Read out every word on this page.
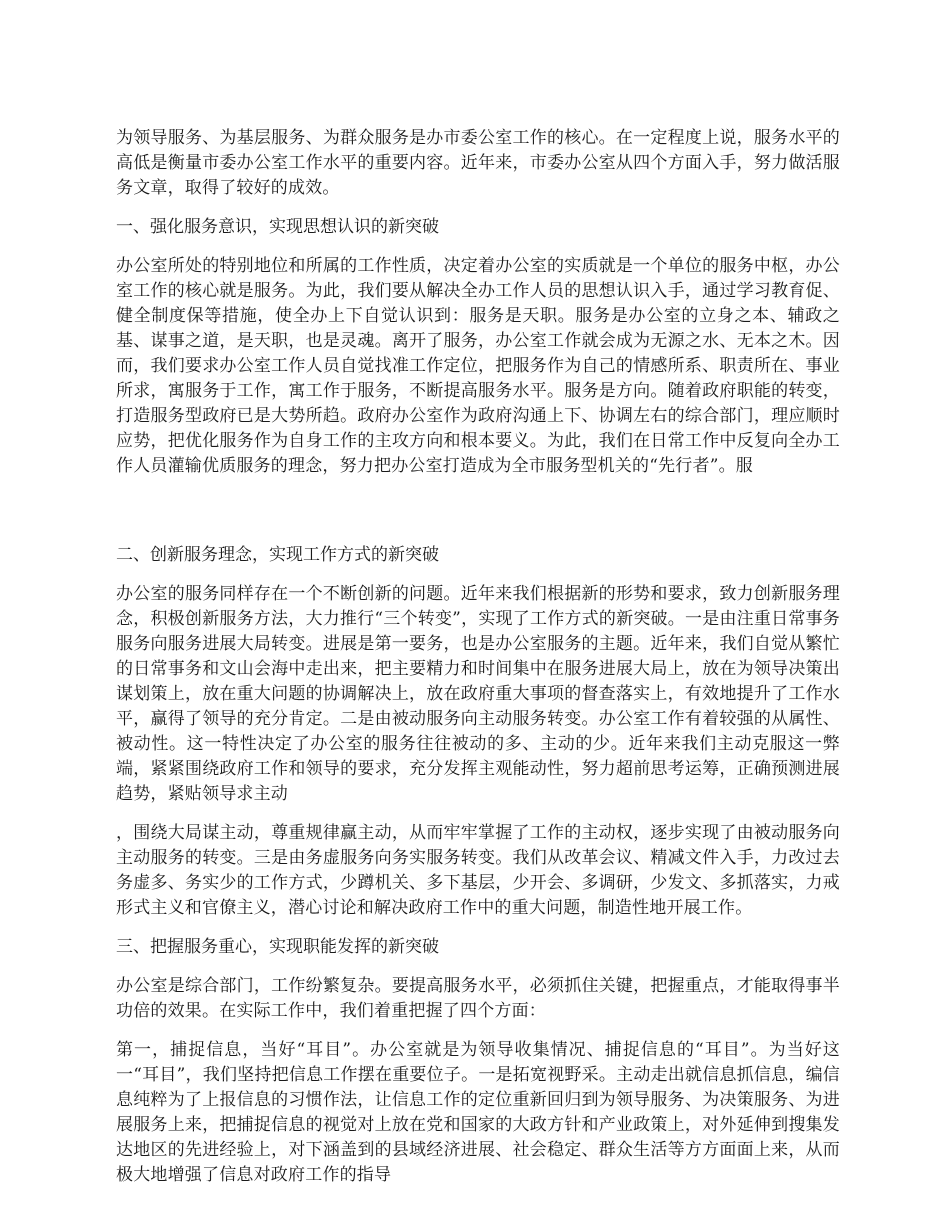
为领导服务、为基层服务、为群众服务是办市委公室工作的核心。在一定程度上说，服务水平的高低是衡量市委办公室工作水平的重要内容。近年来，市委办公室从四个方面入手，努力做活服务文章，取得了较好的成效。

一、强化服务意识，实现思想认识的新突破

办公室所处的特别地位和所属的工作性质，决定着办公室的实质就是一个单位的服务中枢，办公室工作的核心就是服务。为此，我们要从解决全办工作人员的思想认识入手，通过学习教育促、健全制度保等措施，使全办上下自觉认识到：服务是天职。服务是办公室的立身之本、辅政之基、谋事之道，是天职，也是灵魂。离开了服务，办公室工作就会成为无源之水、无本之木。因而，我们要求办公室工作人员自觉找准工作定位，把服务作为自己的情感所系、职责所在、事业所求，寓服务于工作，寓工作于服务，不断提高服务水平。服务是方向。随着政府职能的转变，打造服务型政府已是大势所趋。政府办公室作为政府沟通上下、协调左右的综合部门，理应顺时应势，把优化服务作为自身工作的主攻方向和根本要义。为此，我们在日常工作中反复向全办工作人员灌输优质服务的理念，努力把办公室打造成为全市服务型机关的“先行者”。服

二、创新服务理念，实现工作方式的新突破

办公室的服务同样存在一个不断创新的问题。近年来我们根据新的形势和要求，致力创新服务理念，积极创新服务方法，大力推行“三个转变”，实现了工作方式的新突破。一是由注重日常事务服务向服务进展大局转变。进展是第一要务，也是办公室服务的主题。近年来，我们自觉从繁忙的日常事务和文山会海中走出来，把主要精力和时间集中在服务进展大局上，放在为领导决策出谋划策上，放在重大问题的协调解决上，放在政府重大事项的督查落实上，有效地提升了工作水平，赢得了领导的充分肯定。二是由被动服务向主动服务转变。办公室工作有着较强的从属性、被动性。这一特性决定了办公室的服务往往被动的多、主动的少。近年来我们主动克服这一弊端，紧紧围绕政府工作和领导的要求，充分发挥主观能动性，努力超前思考运筹，正确预测进展趋势，紧贴领导求主动

，围绕大局谋主动，尊重规律赢主动，从而牢牢掌握了工作的主动权，逐步实现了由被动服务向主动服务的转变。三是由务虚服务向务实服务转变。我们从改革会议、精减文件入手，力改过去务虚多、务实少的工作方式，少蹲机关、多下基层，少开会、多调研，少发文、多抓落实，力戒形式主义和官僚主义，潜心讨论和解决政府工作中的重大问题，制造性地开展工作。

三、把握服务重心，实现职能发挥的新突破

办公室是综合部门，工作纷繁复杂。要提高服务水平，必须抓住关键，把握重点，才能取得事半功倍的效果。在实际工作中，我们着重把握了四个方面：

第一，捕捉信息，当好“耳目”。办公室就是为领导收集情况、捕捉信息的“耳目”。为当好这一“耳目”，我们坚持把信息工作摆在重要位子。一是拓宽视野采。主动走出就信息抓信息，编信息纯粹为了上报信息的习惯作法，让信息工作的定位重新回归到为领导服务、为决策服务、为进展服务上来，把捕捉信息的视觉对上放在党和国家的大政方针和产业政策上，对外延伸到搜集发达地区的先进经验上，对下涵盖到的县域经济进展、社会稳定、群众生活等方方面面上来，从而极大地增强了信息对政府工作的指导
